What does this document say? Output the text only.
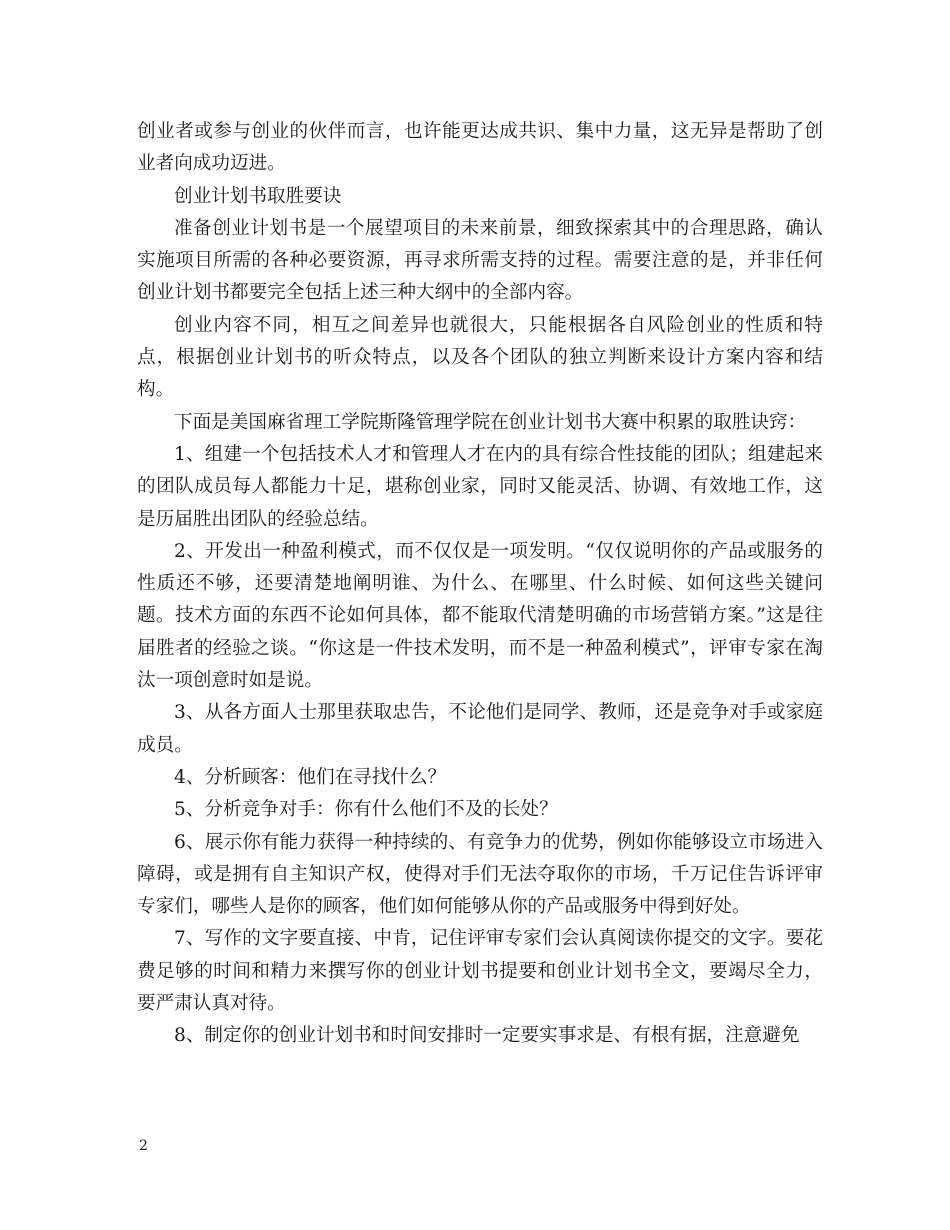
创业者或参与创业的伙伴而言，也许能更达成共识、集中力量，这无异是帮助了创业者向成功迈进。

创业计划书取胜要诀

准备创业计划书是一个展望项目的未来前景，细致探索其中的合理思路，确认实施项目所需的各种必要资源，再寻求所需支持的过程。需要注意的是，并非任何创业计划书都要完全包括上述三种大纲中的全部内容。

创业内容不同，相互之间差异也就很大，只能根据各自风险创业的性质和特点，根据创业计划书的听众特点，以及各个团队的独立判断来设计方案内容和结构。

下面是美国麻省理工学院斯隆管理学院在创业计划书大赛中积累的取胜诀窍：

1、组建一个包括技术人才和管理人才在内的具有综合性技能的团队；组建起来的团队成员每人都能力十足，堪称创业家，同时又能灵活、协调、有效地工作，这是历届胜出团队的经验总结。

2、开发出一种盈利模式，而不仅仅是一项发明。“仅仅说明你的产品或服务的性质还不够，还要清楚地阐明谁、为什么、在哪里、什么时候、如何这些关键问题。技术方面的东西不论如何具体，都不能取代清楚明确的市场营销方案。”这是往届胜者的经验之谈。“你这是一件技术发明，而不是一种盈利模式”，评审专家在淘汰一项创意时如是说。

3、从各方面人士那里获取忠告，不论他们是同学、教师，还是竞争对手或家庭成员。

4、分析顾客：他们在寻找什么？

5、分析竞争对手：你有什么他们不及的长处？

6、展示你有能力获得一种持续的、有竞争力的优势，例如你能够设立市场进入障碍，或是拥有自主知识产权，使得对手们无法夺取你的市场，千万记住告诉评审专家们，哪些人是你的顾客，他们如何能够从你的产品或服务中得到好处。

7、写作的文字要直接、中肯，记住评审专家们会认真阅读你提交的文字。要花费足够的时间和精力来撰写你的创业计划书提要和创业计划书全文，要竭尽全力，要严肃认真对待。

8、制定你的创业计划书和时间安排时一定要实事求是、有根有据，注意避免

2
